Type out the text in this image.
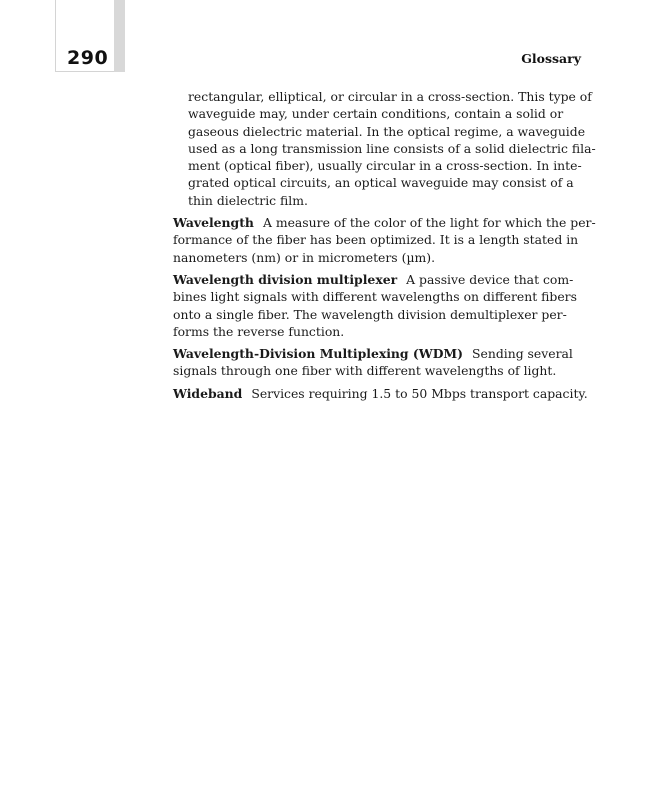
290	Glossary

rectangular, elliptical, or circular in a cross-section. This type of
waveguide may, under certain conditions, contain a solid or
gaseous dielectric material. In the optical regime, a waveguide
used as a long transmission line consists of a solid dielectric fila-
ment (optical fiber), usually circular in a cross-section. In inte-
grated optical circuits, an optical waveguide may consist of a
thin dielectric film.

Wavelength A measure of the color of the light for which the per-
formance of the fiber has been optimized. It is a length stated in
nanometers (nm) or in micrometers (µm).

Wavelength division multiplexer A passive device that com-
bines light signals with different wavelengths on different fibers
onto a single fiber. The wavelength division demultiplexer per-
forms the reverse function.

Wavelength-Division Multiplexing (WDM) Sending several
signals through one fiber with different wavelengths of light.

Wideband Services requiring 1.5 to 50 Mbps transport capacity.
